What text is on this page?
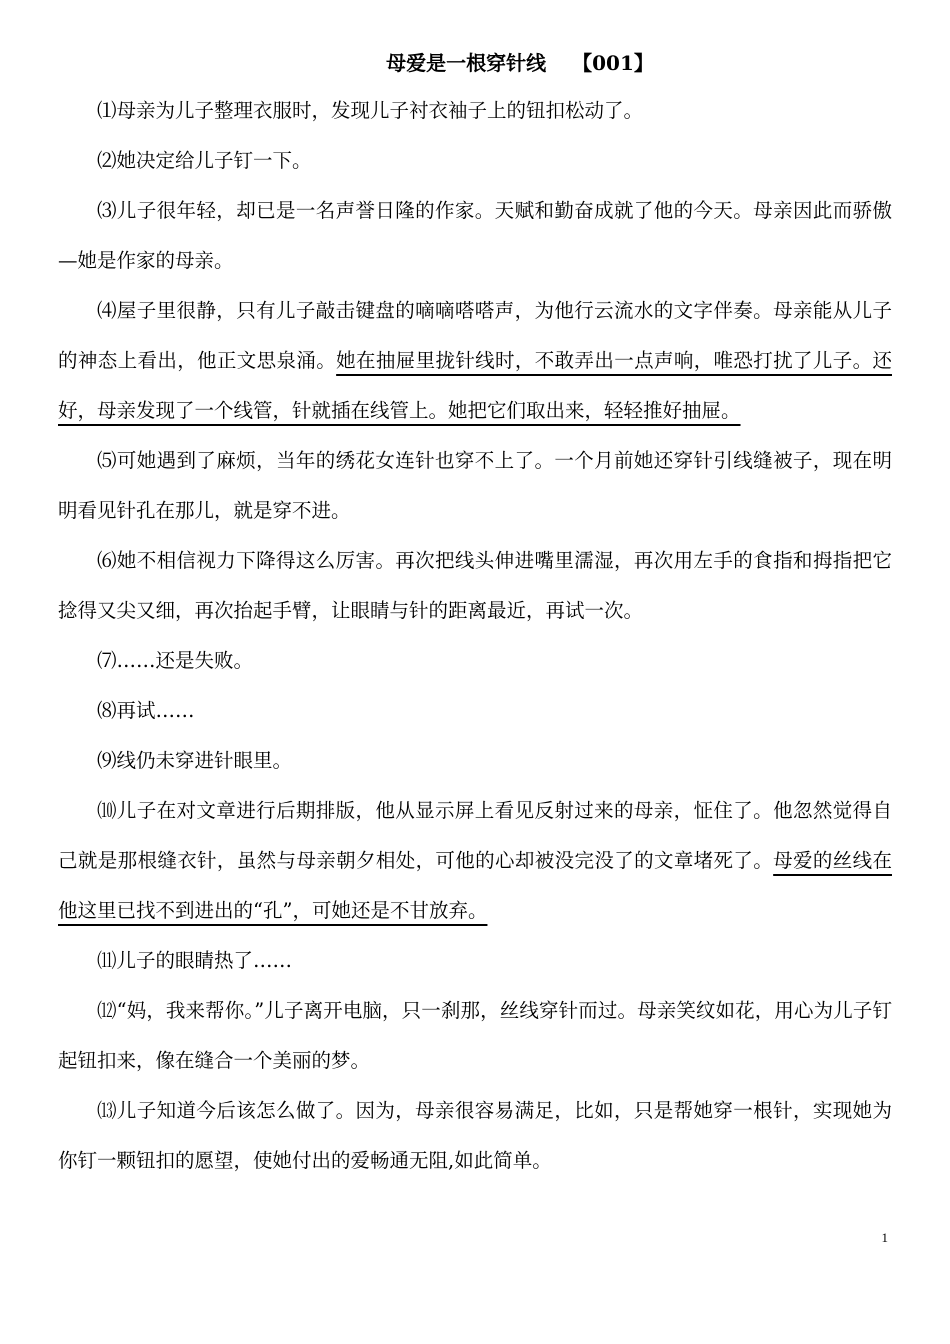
母爱是一根穿针线 【001】

⑴母亲为儿子整理衣服时，发现儿子衬衣袖子上的钮扣松动了。

⑵她决定给儿子钉一下。

⑶儿子很年轻，却已是一名声誉日隆的作家。天赋和勤奋成就了他的今天。母亲因此而骄傲—她是作家的母亲。

⑷屋子里很静，只有儿子敲击键盘的嘀嘀嗒嗒声，为他行云流水的文字伴奏。母亲能从儿子的神态上看出，他正文思泉涌。她在抽屉里拢针线时，不敢弄出一点声响，唯恐打扰了儿子。还好，母亲发现了一个线管，针就插在线管上。她把它们取出来，轻轻推好抽屉。

⑸可她遇到了麻烦，当年的绣花女连针也穿不上了。一个月前她还穿针引线缝被子，现在明明看见针孔在那儿，就是穿不进。

⑹她不相信视力下降得这么厉害。再次把线头伸进嘴里濡湿，再次用左手的食指和拇指把它捻得又尖又细，再次抬起手臂，让眼睛与针的距离最近，再试一次。

⑺……还是失败。

⑻再试……

⑼线仍未穿进针眼里。

⑽儿子在对文章进行后期排版，他从显示屏上看见反射过来的母亲，怔住了。他忽然觉得自己就是那根缝衣针，虽然与母亲朝夕相处，可他的心却被没完没了的文章堵死了。母爱的丝线在他这里已找不到进出的“孔”，可她还是不甘放弃。

⑾儿子的眼睛热了……

⑿“妈，我来帮你。”儿子离开电脑，只一刹那，丝线穿针而过。母亲笑纹如花，用心为儿子钉起钮扣来，像在缝合一个美丽的梦。

⒀儿子知道今后该怎么做了。因为，母亲很容易满足，比如，只是帮她穿一根针，实现她为你钉一颗钮扣的愿望，使她付出的爱畅通无阻,如此简单。

1
